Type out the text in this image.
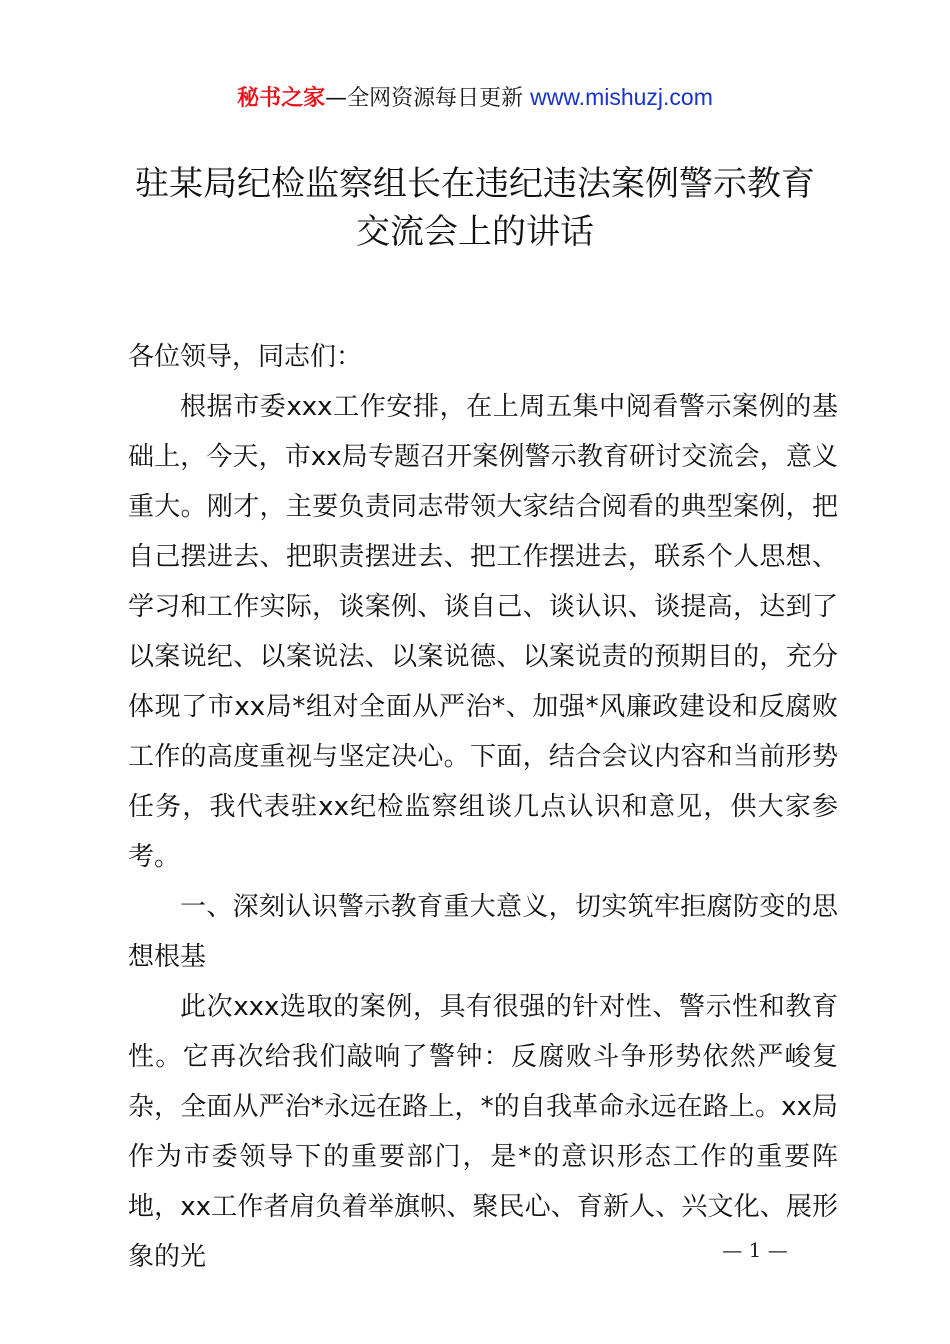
秘书之家—全网资源每日更新 www.mishuzj.com
驻某局纪检监察组长在违纪违法案例警示教育
交流会上的讲话

各位领导，同志们：

根据市委xxx工作安排，在上周五集中阅看警示案例的基础上，今天，市xx局专题召开案例警示教育研讨交流会，意义重大。刚才，主要负责同志带领大家结合阅看的典型案例，把自己摆进去、把职责摆进去、把工作摆进去，联系个人思想、学习和工作实际，谈案例、谈自己、谈认识、谈提高，达到了以案说纪、以案说法、以案说德、以案说责的预期目的，充分体现了市xx局*组对全面从严治*、加强*风廉政建设和反腐败工作的高度重视与坚定决心。下面，结合会议内容和当前形势任务，我代表驻xx纪检监察组谈几点认识和意见，供大家参考。

一、深刻认识警示教育重大意义，切实筑牢拒腐防变的思想根基

此次xxx选取的案例，具有很强的针对性、警示性和教育性。它再次给我们敲响了警钟：反腐败斗争形势依然严峻复杂，全面从严治*永远在路上，*的自我革命永远在路上。xx局作为市委领导下的重要部门，是*的意识形态工作的重要阵地，xx工作者肩负着举旗帜、聚民心、育新人、兴文化、展形象的光	— 1 —
